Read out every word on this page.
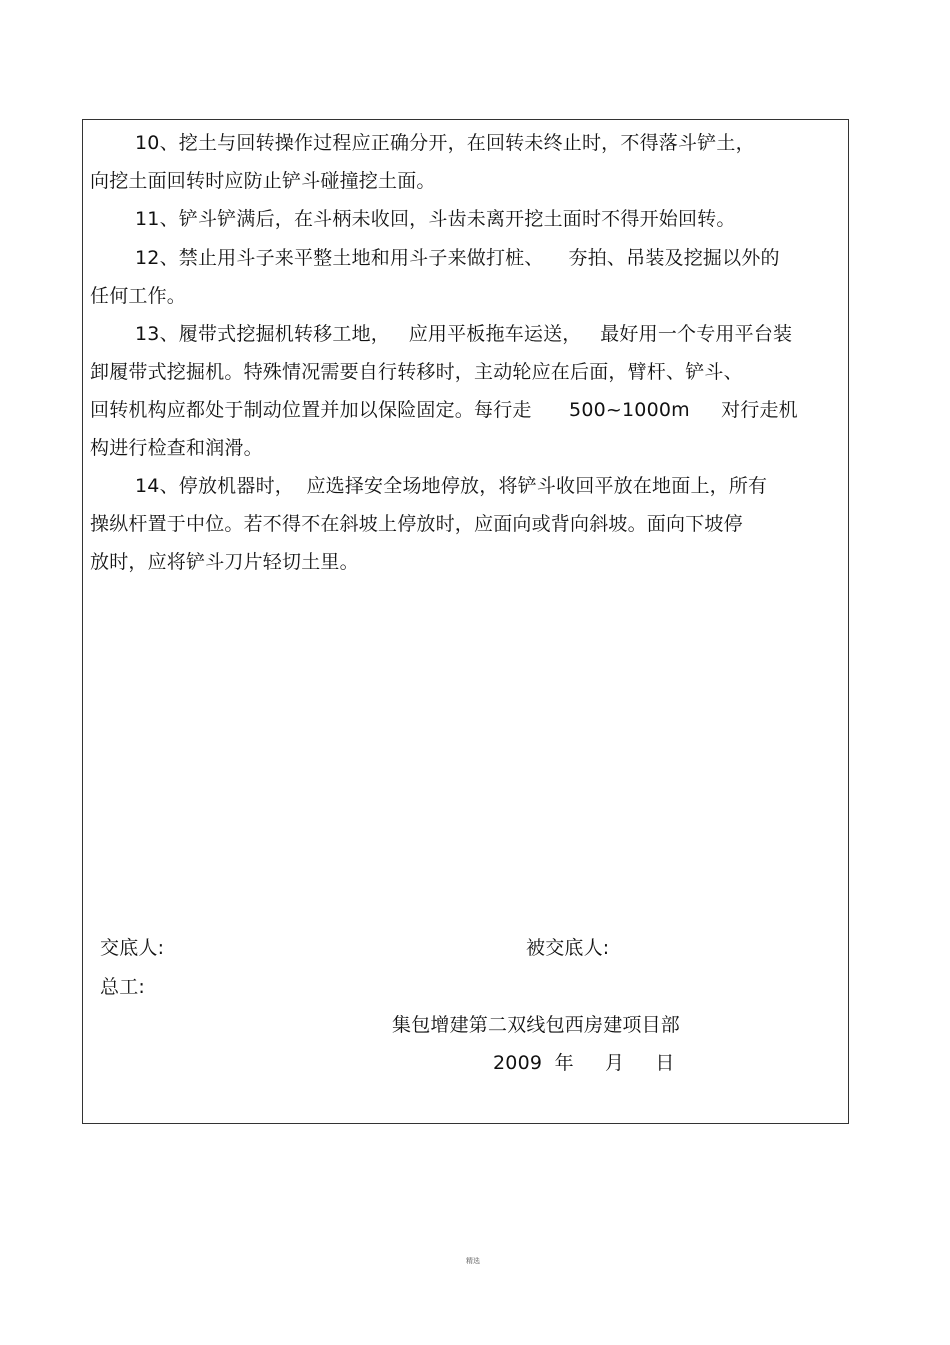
10、挖土与回转操作过程应正确分开，在回转未终止时，不得落斗铲土，
向挖土面回转时应防止铲斗碰撞挖土面。
11、铲斗铲满后，在斗柄未收回，斗齿未离开挖土面时不得开始回转。
12、禁止用斗子来平整土地和用斗子来做打桩、    夯拍、吊装及挖掘以外的
任何工作。
13、履带式挖掘机转移工地，   应用平板拖车运送，   最好用一个专用平台装
卸履带式挖掘机。特殊情况需要自行转移时，主动轮应在后面，臂杆、铲斗、
回转机构应都处于制动位置并加以保险固定。每行走      500~1000m     对行走机
构进行检查和润滑。
14、停放机器时，  应选择安全场地停放，将铲斗收回平放在地面上，所有
操纵杆置于中位。若不得不在斜坡上停放时，应面向或背向斜坡。面向下坡停
放时，应将铲斗刀片轻切土里。
交底人:	被交底人:
总工:
集包增建第二双线包西房建项目部
2009  年     月     日
精选
